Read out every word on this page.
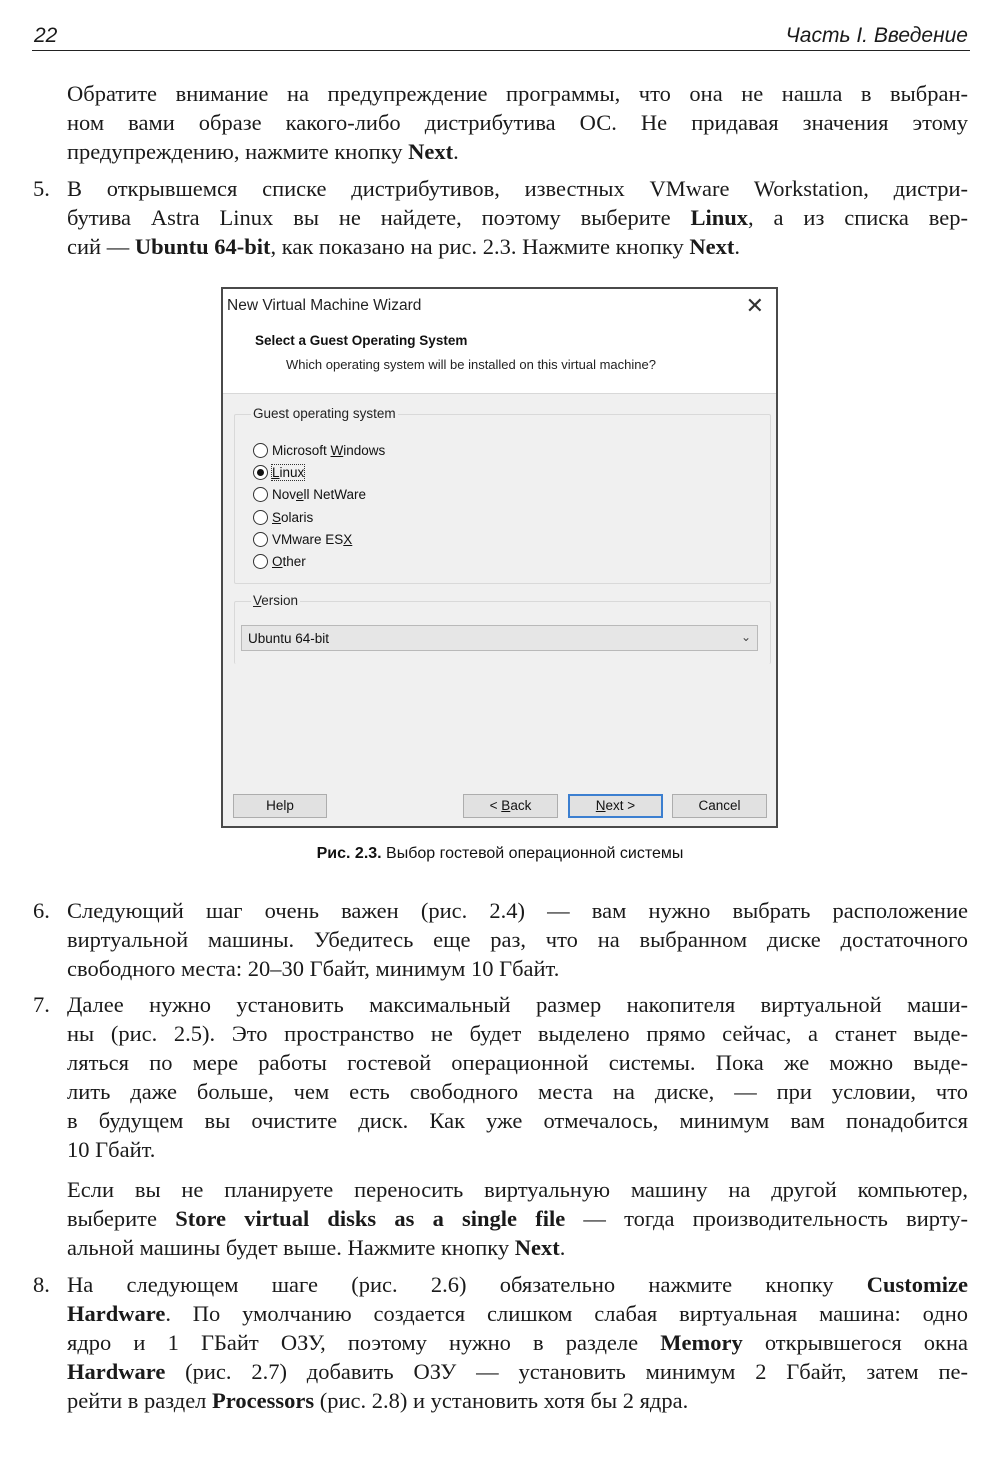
22	Часть I. Введение

Обратите внимание на предупреждение программы, что она не нашла в выбран-
ном вами образе какого-либо дистрибутива ОС. Не придавая значения этому
предупреждению, нажмите кнопку Next.

5. В открывшемся списке дистрибутивов, известных VMware Workstation, дистри-
бутива Astra Linux вы не найдете, поэтому выберите Linux, а из списка вер-
сий — Ubuntu 64-bit, как показано на рис. 2.3. Нажмите кнопку Next.

New Virtual Machine Wizard	✕
Select a Guest Operating System
Which operating system will be installed on this virtual machine?
Guest operating system
Microsoft Windows
Linux
Novell NetWare
Solaris
VMware ESX
Other
Version
Ubuntu 64-bit	⌄
Help	< Back	Next >	Cancel
Рис. 2.3. Выбор гостевой операционной системы
6. Следующий шаг очень важен (рис. 2.4) — вам нужно выбрать расположение
виртуальной машины. Убедитесь еще раз, что на выбранном диске достаточного
свободного места: 20–30 Гбайт, минимум 10 Гбайт.

7. Далее нужно установить максимальный размер накопителя виртуальной маши-
ны (рис. 2.5). Это пространство не будет выделено прямо сейчас, а станет выде-
ляться по мере работы гостевой операционной системы. Пока же можно выде-
лить даже больше, чем есть свободного места на диске, — при условии, что
в будущем вы очистите диск. Как уже отмечалось, минимум вам понадобится
10 Гбайт.

Если вы не планируете переносить виртуальную машину на другой компьютер,
выберите Store virtual disks as a single file — тогда производительность вирту-
альной машины будет выше. Нажмите кнопку Next.

8. На следующем шаге (рис. 2.6) обязательно нажмите кнопку Customize
Hardware. По умолчанию создается слишком слабая виртуальная машина: одно
ядро и 1 ГБайт ОЗУ, поэтому нужно в разделе Memory открывшегося окна
Hardware (рис. 2.7) добавить ОЗУ — установить минимум 2 Гбайт, затем пе-
рейти в раздел Processors (рис. 2.8) и установить хотя бы 2 ядра.
